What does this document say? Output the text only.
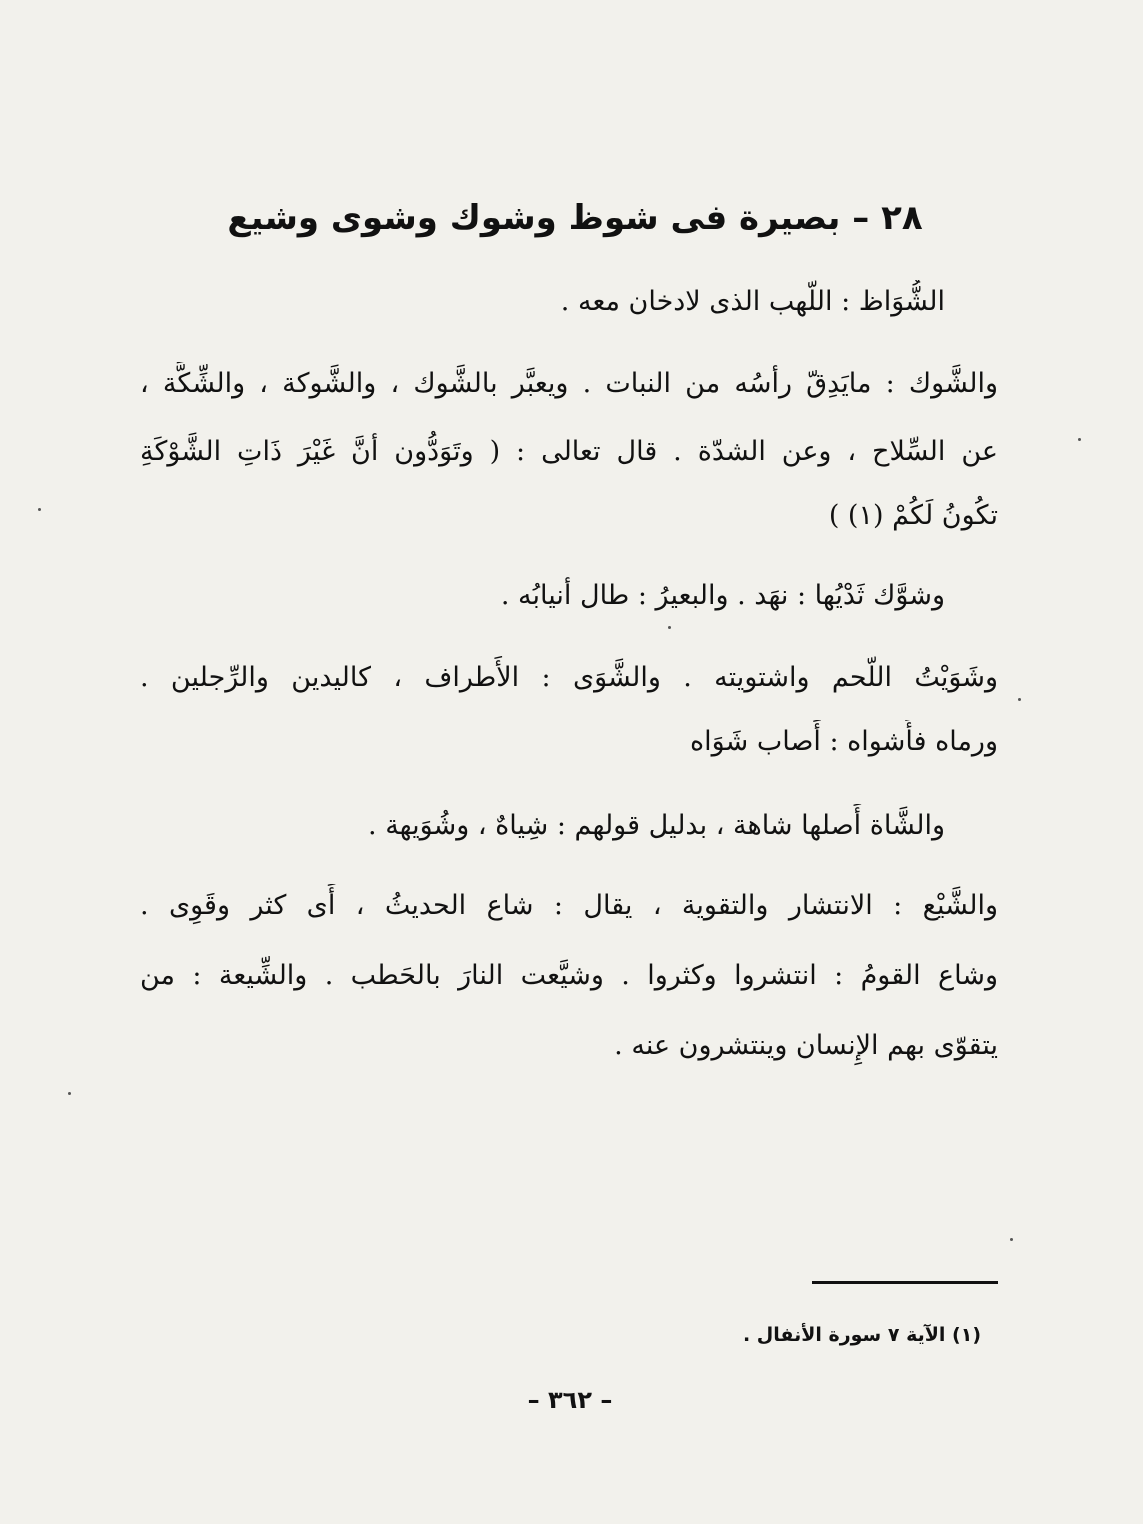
٢٨ – بصيرة فى شوظ وشوك وشوى وشيع
الشُّوَاظ : اللَّهب الذى لادخان معه .
والشَّوك : مايَدِقّ رأسُه من النبات . ويعبَّر بالشَّوك ، والشَّوكة ، والشِّكَّة ،
عن السِّلاح ، وعن الشدّة . قال تعالى : ( وتَوَدُّون أنَّ غَيْرَ ذَاتِ الشَّوْكَةِ
تكُونُ لَكُمْ (١) )
وشوَّك ثَدْيُها : نهَد . والبعيرُ : طال أنيابُه .
وشَوَيْتُ اللَّحم واشتويته . والشَّوَى : الأَطراف ، كاليدين والرِّجلين .
ورماه فأَشواه : أَصاب شَوَاه
والشَّاة أَصلها شاهة ، بدليل قولهم : شِياهٌ ، وشُوَيهة .
والشَّيْع : الانتشار والتقوية ، يقال : شاع الحديثُ ، أَى كثر وقَوِى .
وشاع القومُ : انتشروا وكثروا . وشيَّعت النارَ بالحَطب . والشِّيعة : من
يتقوّى بهم الإِنسان وينتشرون عنه .
(١) الآية ٧ سورة الأنفال .
– ٣٦٢ –
